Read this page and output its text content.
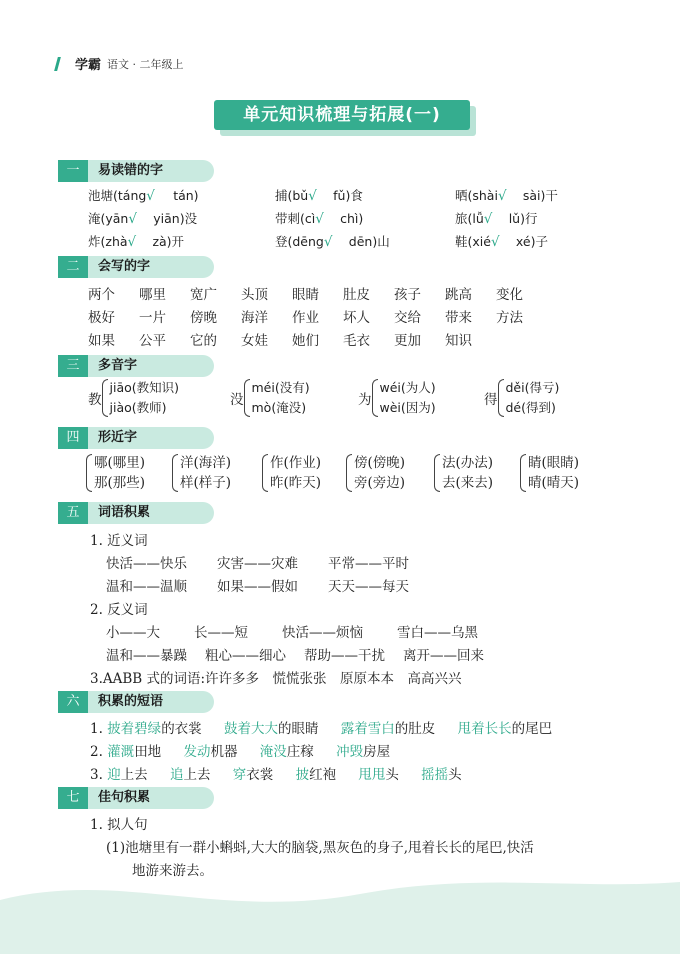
学霸 语文 · 二年级上
单元知识梳理与拓展(一)
一	易读错的字
池塘(táng√ tán)	捕(bǔ√ fǔ)食	晒(shài√ sài)干
淹(yān√ yiān)没	带刺(cì√ chì)	旅(lǚ√ lǔ)行
炸(zhà√ zà)开	登(dēng√ dēn)山	鞋(xié√ xé)子
二	会写的字
两个 哪里 宽广 头顶 眼睛 肚皮 孩子 跳高 变化
极好 一片 傍晚 海洋 作业 坏人 交给 带来 方法
如果 公平 它的 女娃 她们 毛衣 更加 知识
三	多音字
教
jiāo(教知识)
jiào(教师)	没
méi(没有)
mò(淹没)	为
wéi(为人)
wèi(因为)	得
děi(得亏)
dé(得到)
四	形近字
哪(哪里)
那(那些)
洋(海洋)
样(样子)
作(作业)
昨(昨天)
傍(傍晚)
旁(旁边)
法(办法)
去(来去)
睛(眼睛)
晴(晴天)
五	词语积累
1. 近义词
快活——快乐 灾害——灾难 平常——平时
温和——温顺 如果——假如 天天——每天
2. 反义词
小——大	长——短	快活——烦恼	雪白——乌黑
温和——暴躁 粗心——细心 帮助——干扰 离开——回来
3.AABB 式的词语:许许多多　慌慌张张　原原本本　高高兴兴
六	积累的短语
1. 披着碧绿的衣裳 鼓着大大的眼睛 露着雪白的肚皮 甩着长长的尾巴
2. 灌溉田地 发动机器 淹没庄稼 冲毁房屋
3. 迎上去 追上去 穿衣裳 披红袍 甩甩头 摇摇头
七	佳句积累
1. 拟人句
(1)池塘里有一群小蝌蚪,大大的脑袋,黑灰色的身子,甩着长长的尾巴,快活
地游来游去。
